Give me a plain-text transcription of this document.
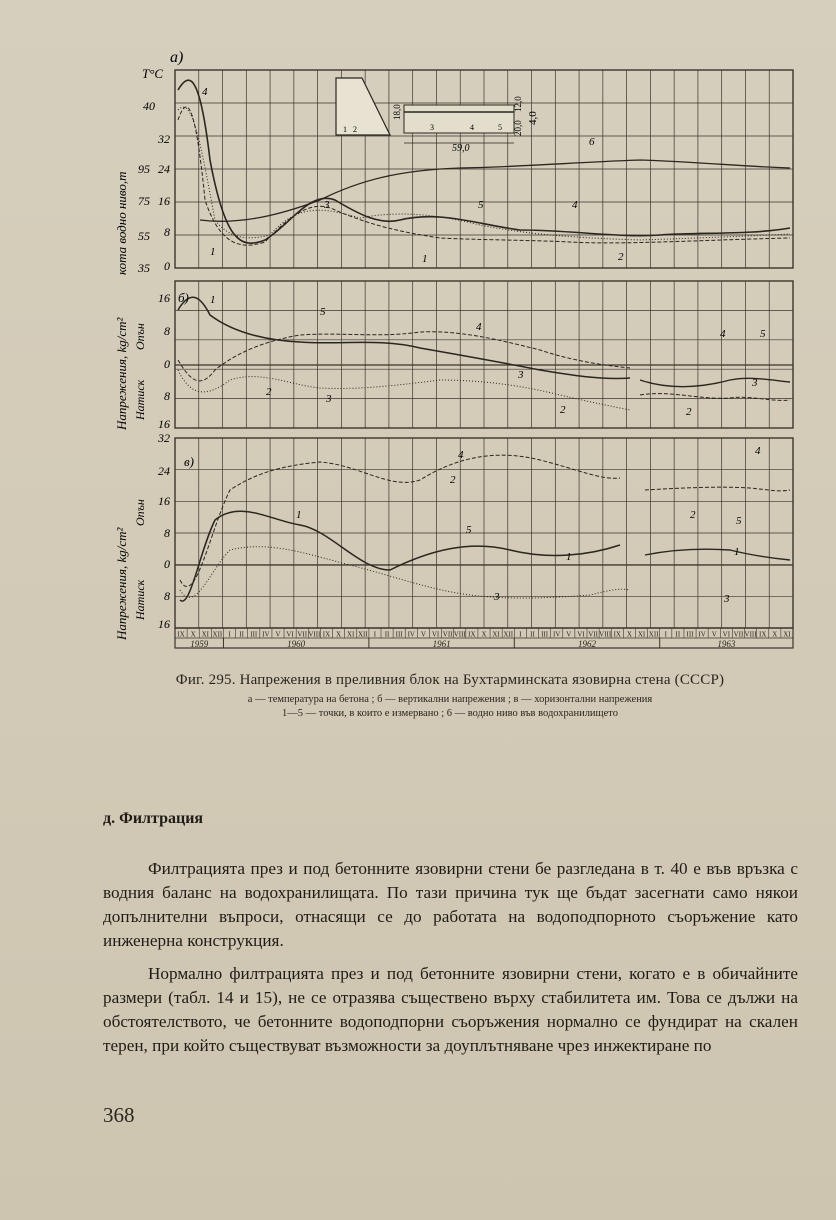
a)
T°C
40
32
24
16
8
0
95
75
55
35
кота водно ниво,m
18,0
12,0
20,0
4,0
59,0
1 2	3	4	5
4
1
3	5
1
4
6
2
б)
16
8
0
8
16
Напрежения, kg/cm² Опън
Натиск
1
5
4
4	5
2
3
3
2	2
3
в)
32
24
16
8
0
8
16
Напрежения, kg/cm²
Опън
Натиск
4
2
1
5
1
3
2	5
1
3
4
IX X XI XII I II III IV V VI VII VIII IX X XI XII I II III IV V VI VII VIII IX X XI XII I II III IV V VI VII VIII IX X XI XII I II III IV V VI VII VIII IX X XI
1959	1960	1961	1962	1963
Фиг. 295. Напрежения в преливния блок на Бухтарминската язовирна стена (СССР)
а — температура на бетона ; б — вертикални напрежения ; в — хоризонтални напрежения
1—5 — точки, в които е измервано ; 6 — водно ниво във водохранилището
д. Филтрация
Филтрацията през и под бетонните язовирни стени бе разгледана в т. 40 е във връзка с водния баланс на водохранилищата. По тази причина тук ще бъдат засегнати само някои допълнителни въпроси, отнасящи се до работата на водоподпорното съоръжение като инженерна конструкция.
Нормално филтрацията през и под бетонните язовирни стени, когато е в обичайните размери (табл. 14 и 15), не се отразява съществено върху стабилитета им. Това се дължи на обстоятелството, че бетонните водоподпорни съоръжения нормално се фундират на скален терен, при който съществуват възможности за доуплътняване чрез инжектиране по
368
